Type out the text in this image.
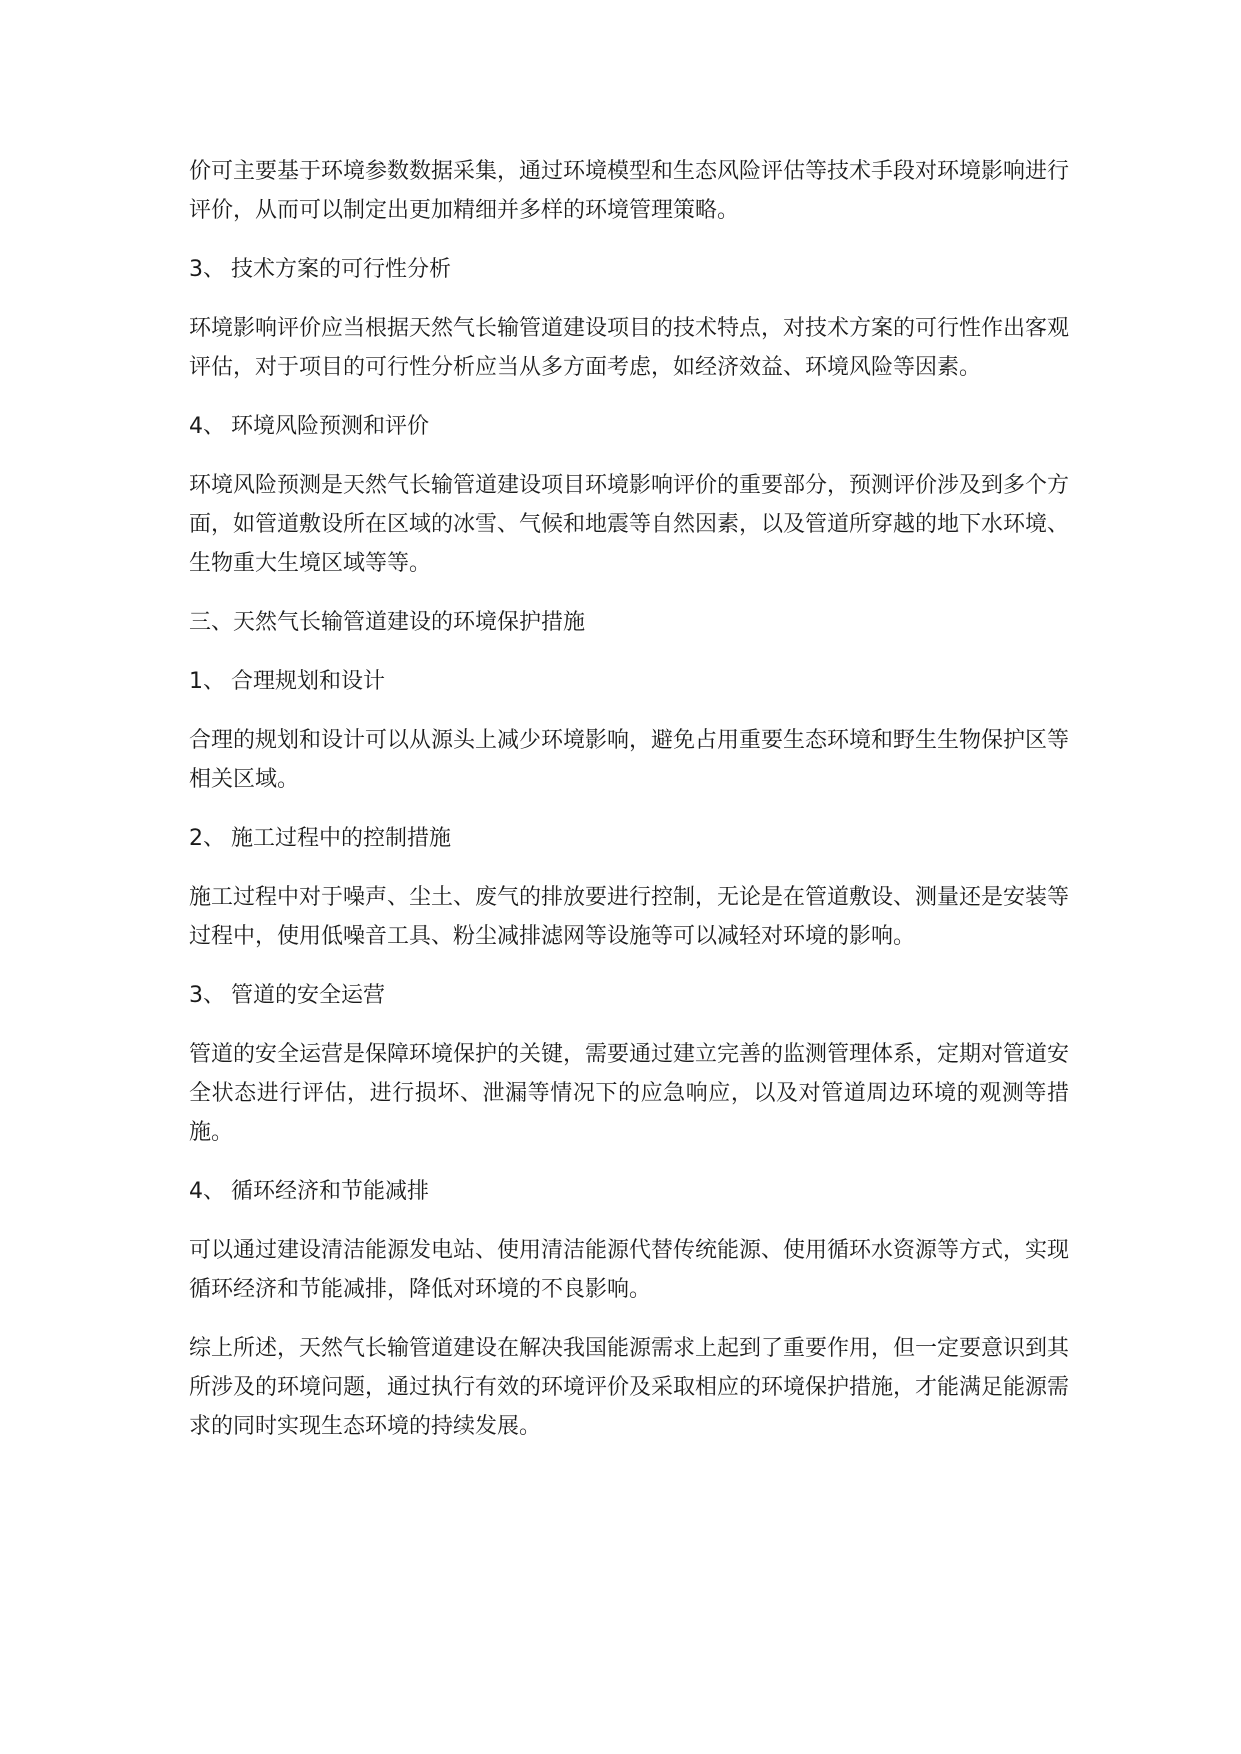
价可主要基于环境参数数据采集，通过环境模型和生态风险评估等技术手段对环境影响进行评价，从而可以制定出更加精细并多样的环境管理策略。

3、 技术方案的可行性分析

环境影响评价应当根据天然气长输管道建设项目的技术特点，对技术方案的可行性作出客观评估，对于项目的可行性分析应当从多方面考虑，如经济效益、环境风险等因素。

4、 环境风险预测和评价

环境风险预测是天然气长输管道建设项目环境影响评价的重要部分，预测评价涉及到多个方面，如管道敷设所在区域的冰雪、气候和地震等自然因素，以及管道所穿越的地下水环境、生物重大生境区域等等。

三、天然气长输管道建设的环境保护措施
1、 合理规划和设计

合理的规划和设计可以从源头上减少环境影响，避免占用重要生态环境和野生生物保护区等相关区域。

2、 施工过程中的控制措施

施工过程中对于噪声、尘土、废气的排放要进行控制，无论是在管道敷设、测量还是安装等过程中，使用低噪音工具、粉尘减排滤网等设施等可以减轻对环境的影响。

3、 管道的安全运营

管道的安全运营是保障环境保护的关键，需要通过建立完善的监测管理体系，定期对管道安全状态进行评估，进行损坏、泄漏等情况下的应急响应，以及对管道周边环境的观测等措施。

4、 循环经济和节能减排

可以通过建设清洁能源发电站、使用清洁能源代替传统能源、使用循环水资源等方式，实现循环经济和节能减排，降低对环境的不良影响。

综上所述，天然气长输管道建设在解决我国能源需求上起到了重要作用，但一定要意识到其所涉及的环境问题，通过执行有效的环境评价及采取相应的环境保护措施，才能满足能源需求的同时实现生态环境的持续发展。
